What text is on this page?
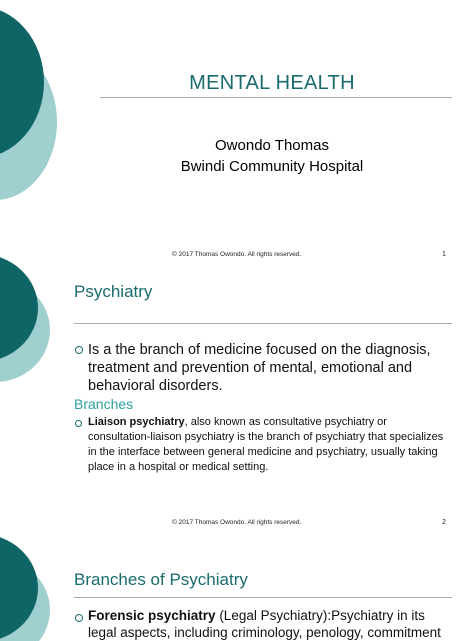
MENTAL HEALTH
Owondo Thomas
Bwindi Community Hospital
© 2017 Thomas Owondo. All rights reserved.	1
Psychiatry
Is a the branch of medicine focused on the diagnosis, treatment and prevention of mental, emotional and behavioral disorders.
Branches
Liaison psychiatry, also known as consultative psychiatry or consultation-liaison psychiatry is the branch of psychiatry that specializes in the interface between general medicine and psychiatry, usually taking place in a hospital or medical setting.
© 2017 Thomas Owondo. All rights reserved.	2
Branches of Psychiatry
Forensic psychiatry (Legal Psychiatry):Psychiatry in its legal aspects, including criminology, penology, commitment
